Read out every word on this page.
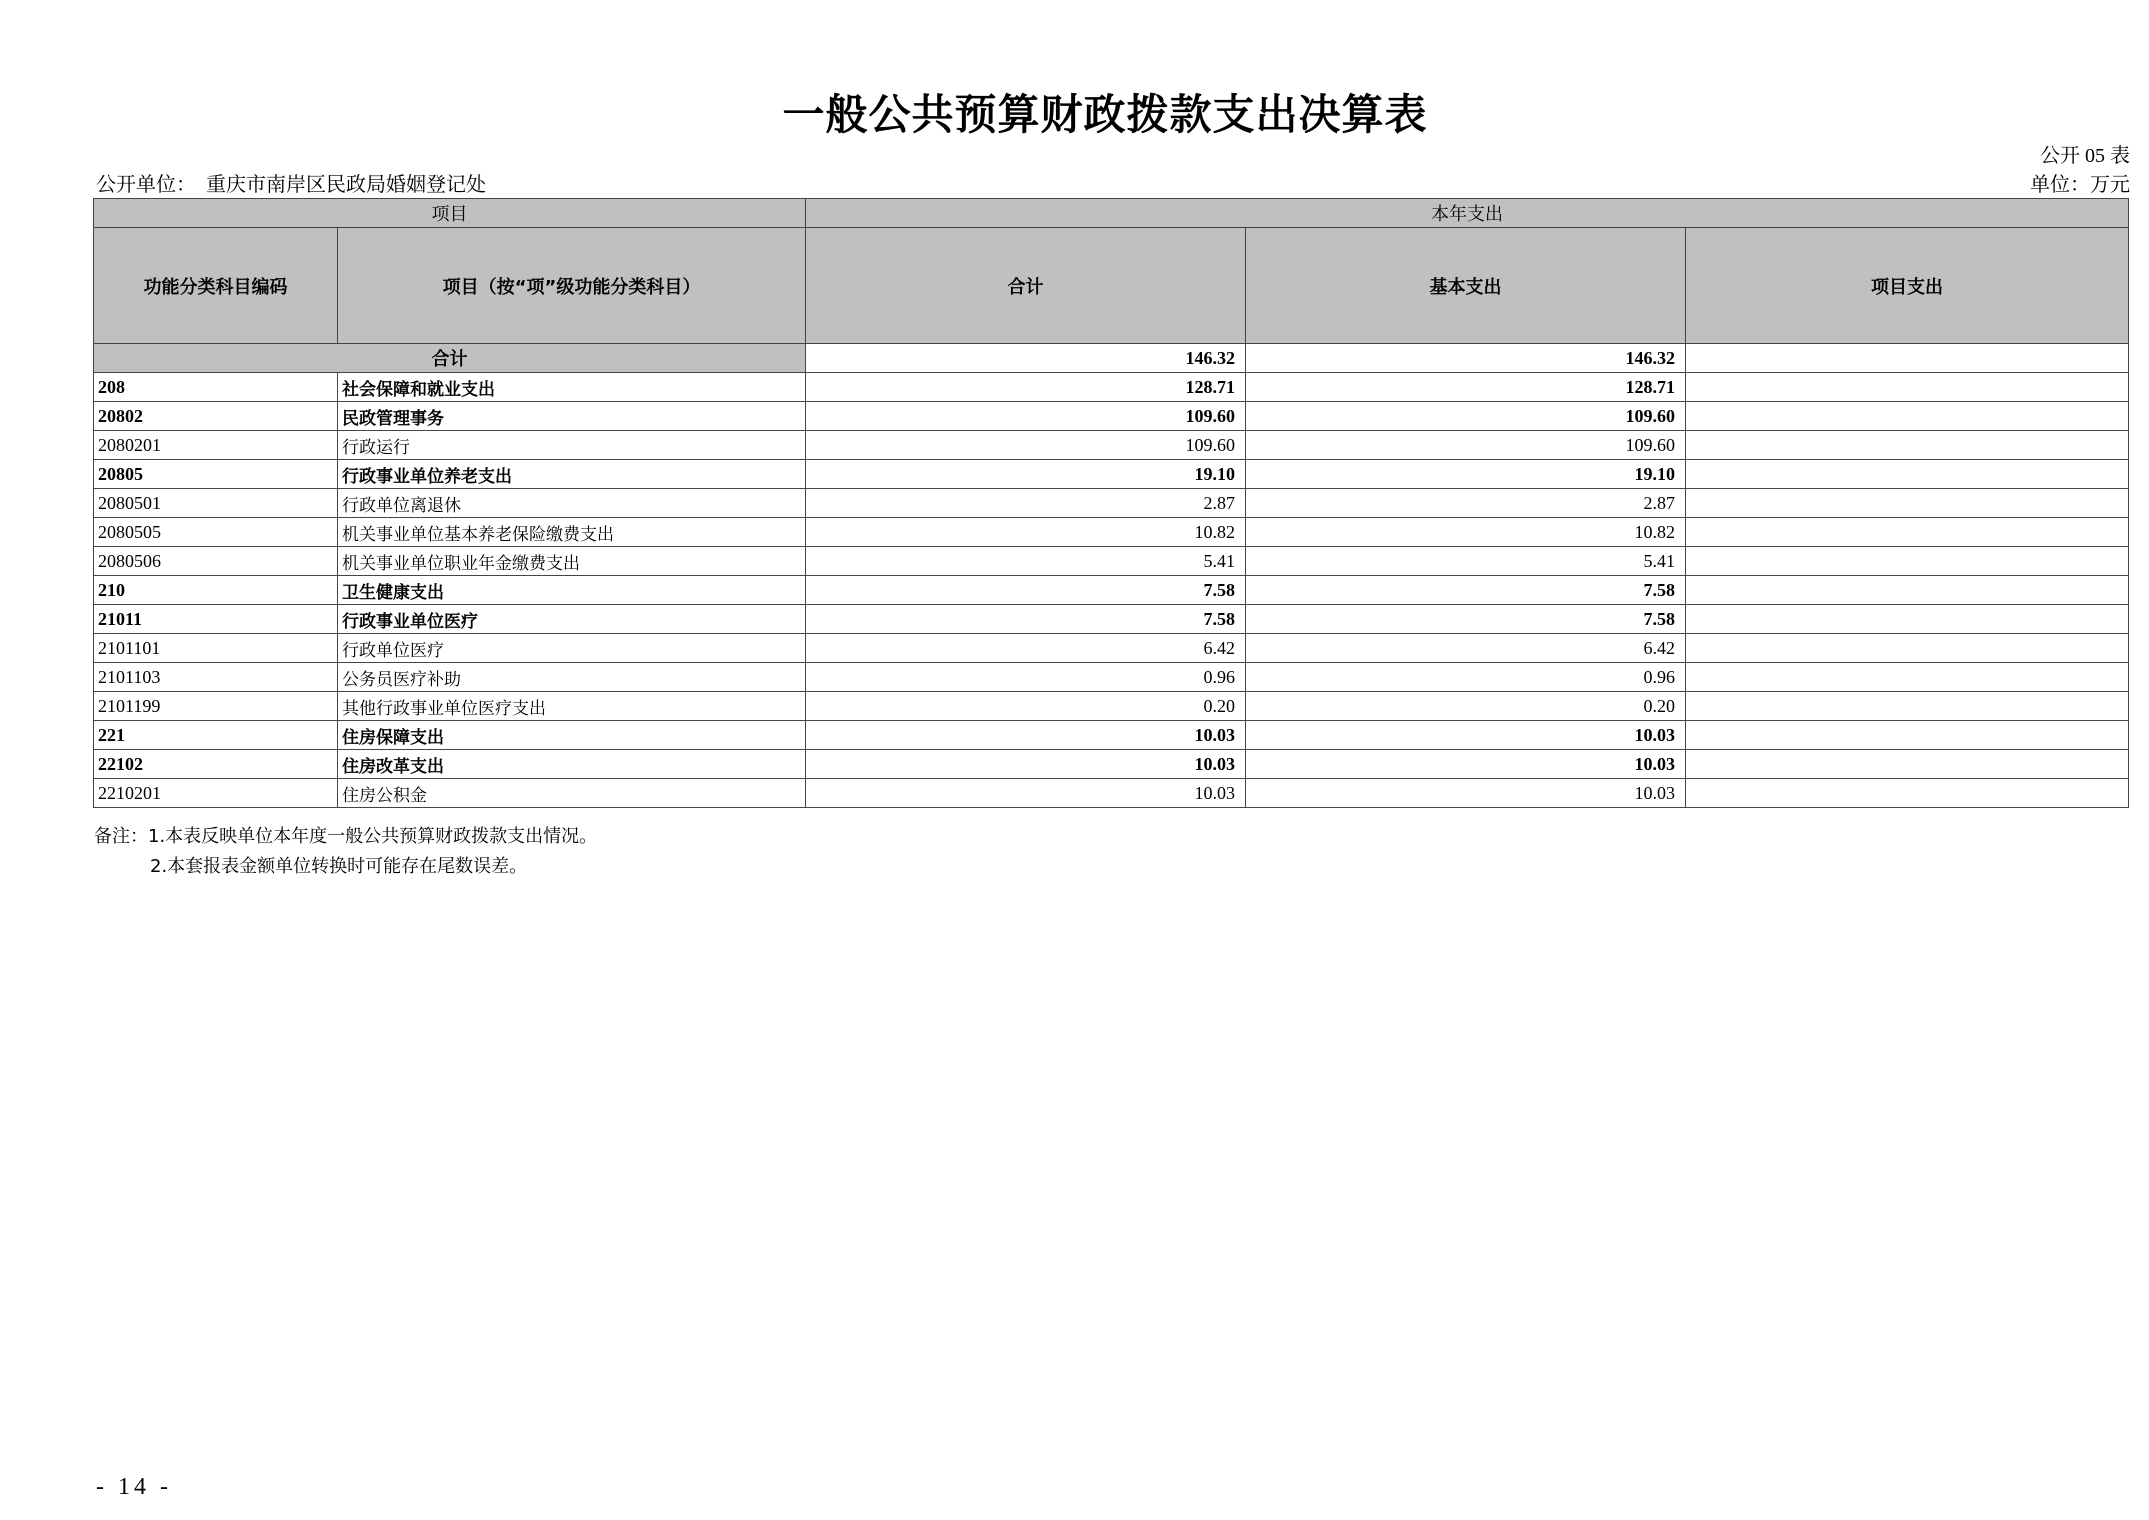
一般公共预算财政拨款支出决算表
公开 05 表
公开单位： 重庆市南岸区民政局婚姻登记处	单位：万元
项目		本年支出		
功能分类科目编码	项目（按“项”级功能分类科目）	合计	基本支出	项目支出
合计		146.32	146.32	
208	社会保障和就业支出	128.71	128.71	
20802	民政管理事务	109.60	109.60	
2080201	行政运行	109.60	109.60	
20805	行政事业单位养老支出	19.10	19.10	
2080501	行政单位离退休	2.87	2.87	
2080505	机关事业单位基本养老保险缴费支出	10.82	10.82	
2080506	机关事业单位职业年金缴费支出	5.41	5.41	
210	卫生健康支出	7.58	7.58	
21011	行政事业单位医疗	7.58	7.58	
2101101	行政单位医疗	6.42	6.42	
2101103	公务员医疗补助	0.96	0.96	
2101199	其他行政事业单位医疗支出	0.20	0.20	
221	住房保障支出	10.03	10.03	
22102	住房改革支出	10.03	10.03	
2210201	住房公积金	10.03	10.03	
备注：1.本表反映单位本年度一般公共预算财政拨款支出情况。
2.本套报表金额单位转换时可能存在尾数误差。
- 14 -
